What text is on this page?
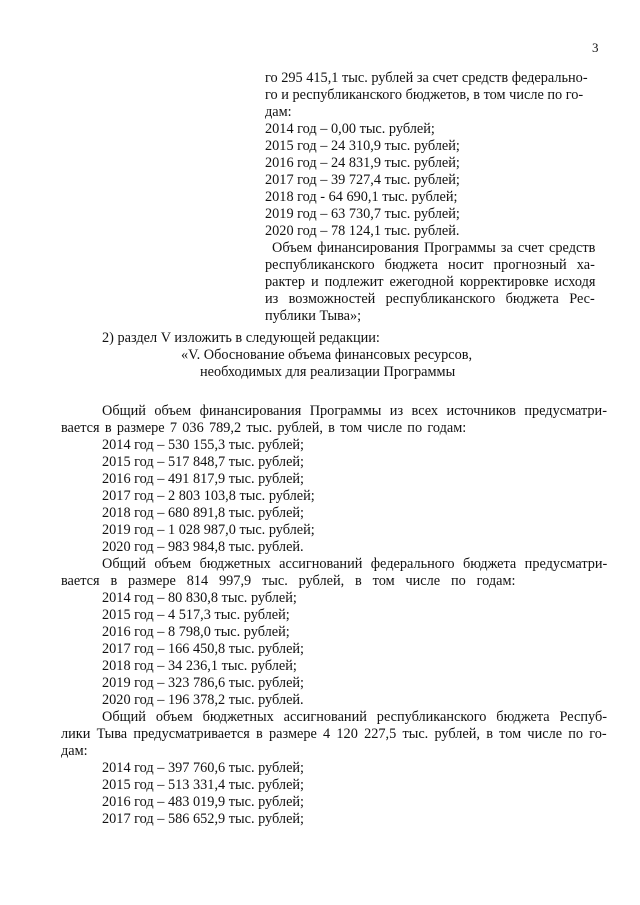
3
го 295 415,1 тыс. рублей за счет средств федерально-
го и республиканского бюджетов, в том числе по го-
дам:
2014 год – 0,00 тыс. рублей;
2015 год – 24 310,9 тыс. рублей;
2016 год – 24 831,9 тыс. рублей;
2017 год – 39 727,4 тыс. рублей;
2018 год - 64 690,1 тыс. рублей;
2019 год – 63 730,7 тыс. рублей;
2020 год – 78 124,1 тыс. рублей.
Объем финансирования Программы за счет средств
республиканского бюджета носит прогнозный ха-
рактер и подлежит ежегодной корректировке исходя
из возможностей республиканского бюджета Рес-
публики Тыва»;
2) раздел V изложить в следующей редакции:
«V. Обоснование объема финансовых ресурсов,
необходимых для реализации Программы
Общий объем финансирования Программы из всех источников предусматри-
вается в размере 7 036 789,2 тыс. рублей, в том числе по годам:
2014 год – 530 155,3 тыс. рублей;
2015 год – 517 848,7 тыс. рублей;
2016 год – 491 817,9 тыс. рублей;
2017 год – 2 803 103,8 тыс. рублей;
2018 год – 680 891,8 тыс. рублей;
2019 год – 1 028 987,0 тыс. рублей;
2020 год – 983 984,8 тыс. рублей.
Общий объем бюджетных ассигнований федерального бюджета предусматри-
вается в размере 814 997,9 тыс. рублей, в том числе по годам:
2014 год – 80 830,8 тыс. рублей;
2015 год – 4 517,3 тыс. рублей;
2016 год – 8 798,0 тыс. рублей;
2017 год – 166 450,8 тыс. рублей;
2018 год – 34 236,1 тыс. рублей;
2019 год – 323 786,6 тыс. рублей;
2020 год – 196 378,2 тыс. рублей.
Общий объем бюджетных ассигнований республиканского бюджета Респуб-
лики Тыва предусматривается в размере 4 120 227,5 тыс. рублей, в том числе по го-
дам:
2014 год – 397 760,6 тыс. рублей;
2015 год – 513 331,4 тыс. рублей;
2016 год – 483 019,9 тыс. рублей;
2017 год – 586 652,9 тыс. рублей;
